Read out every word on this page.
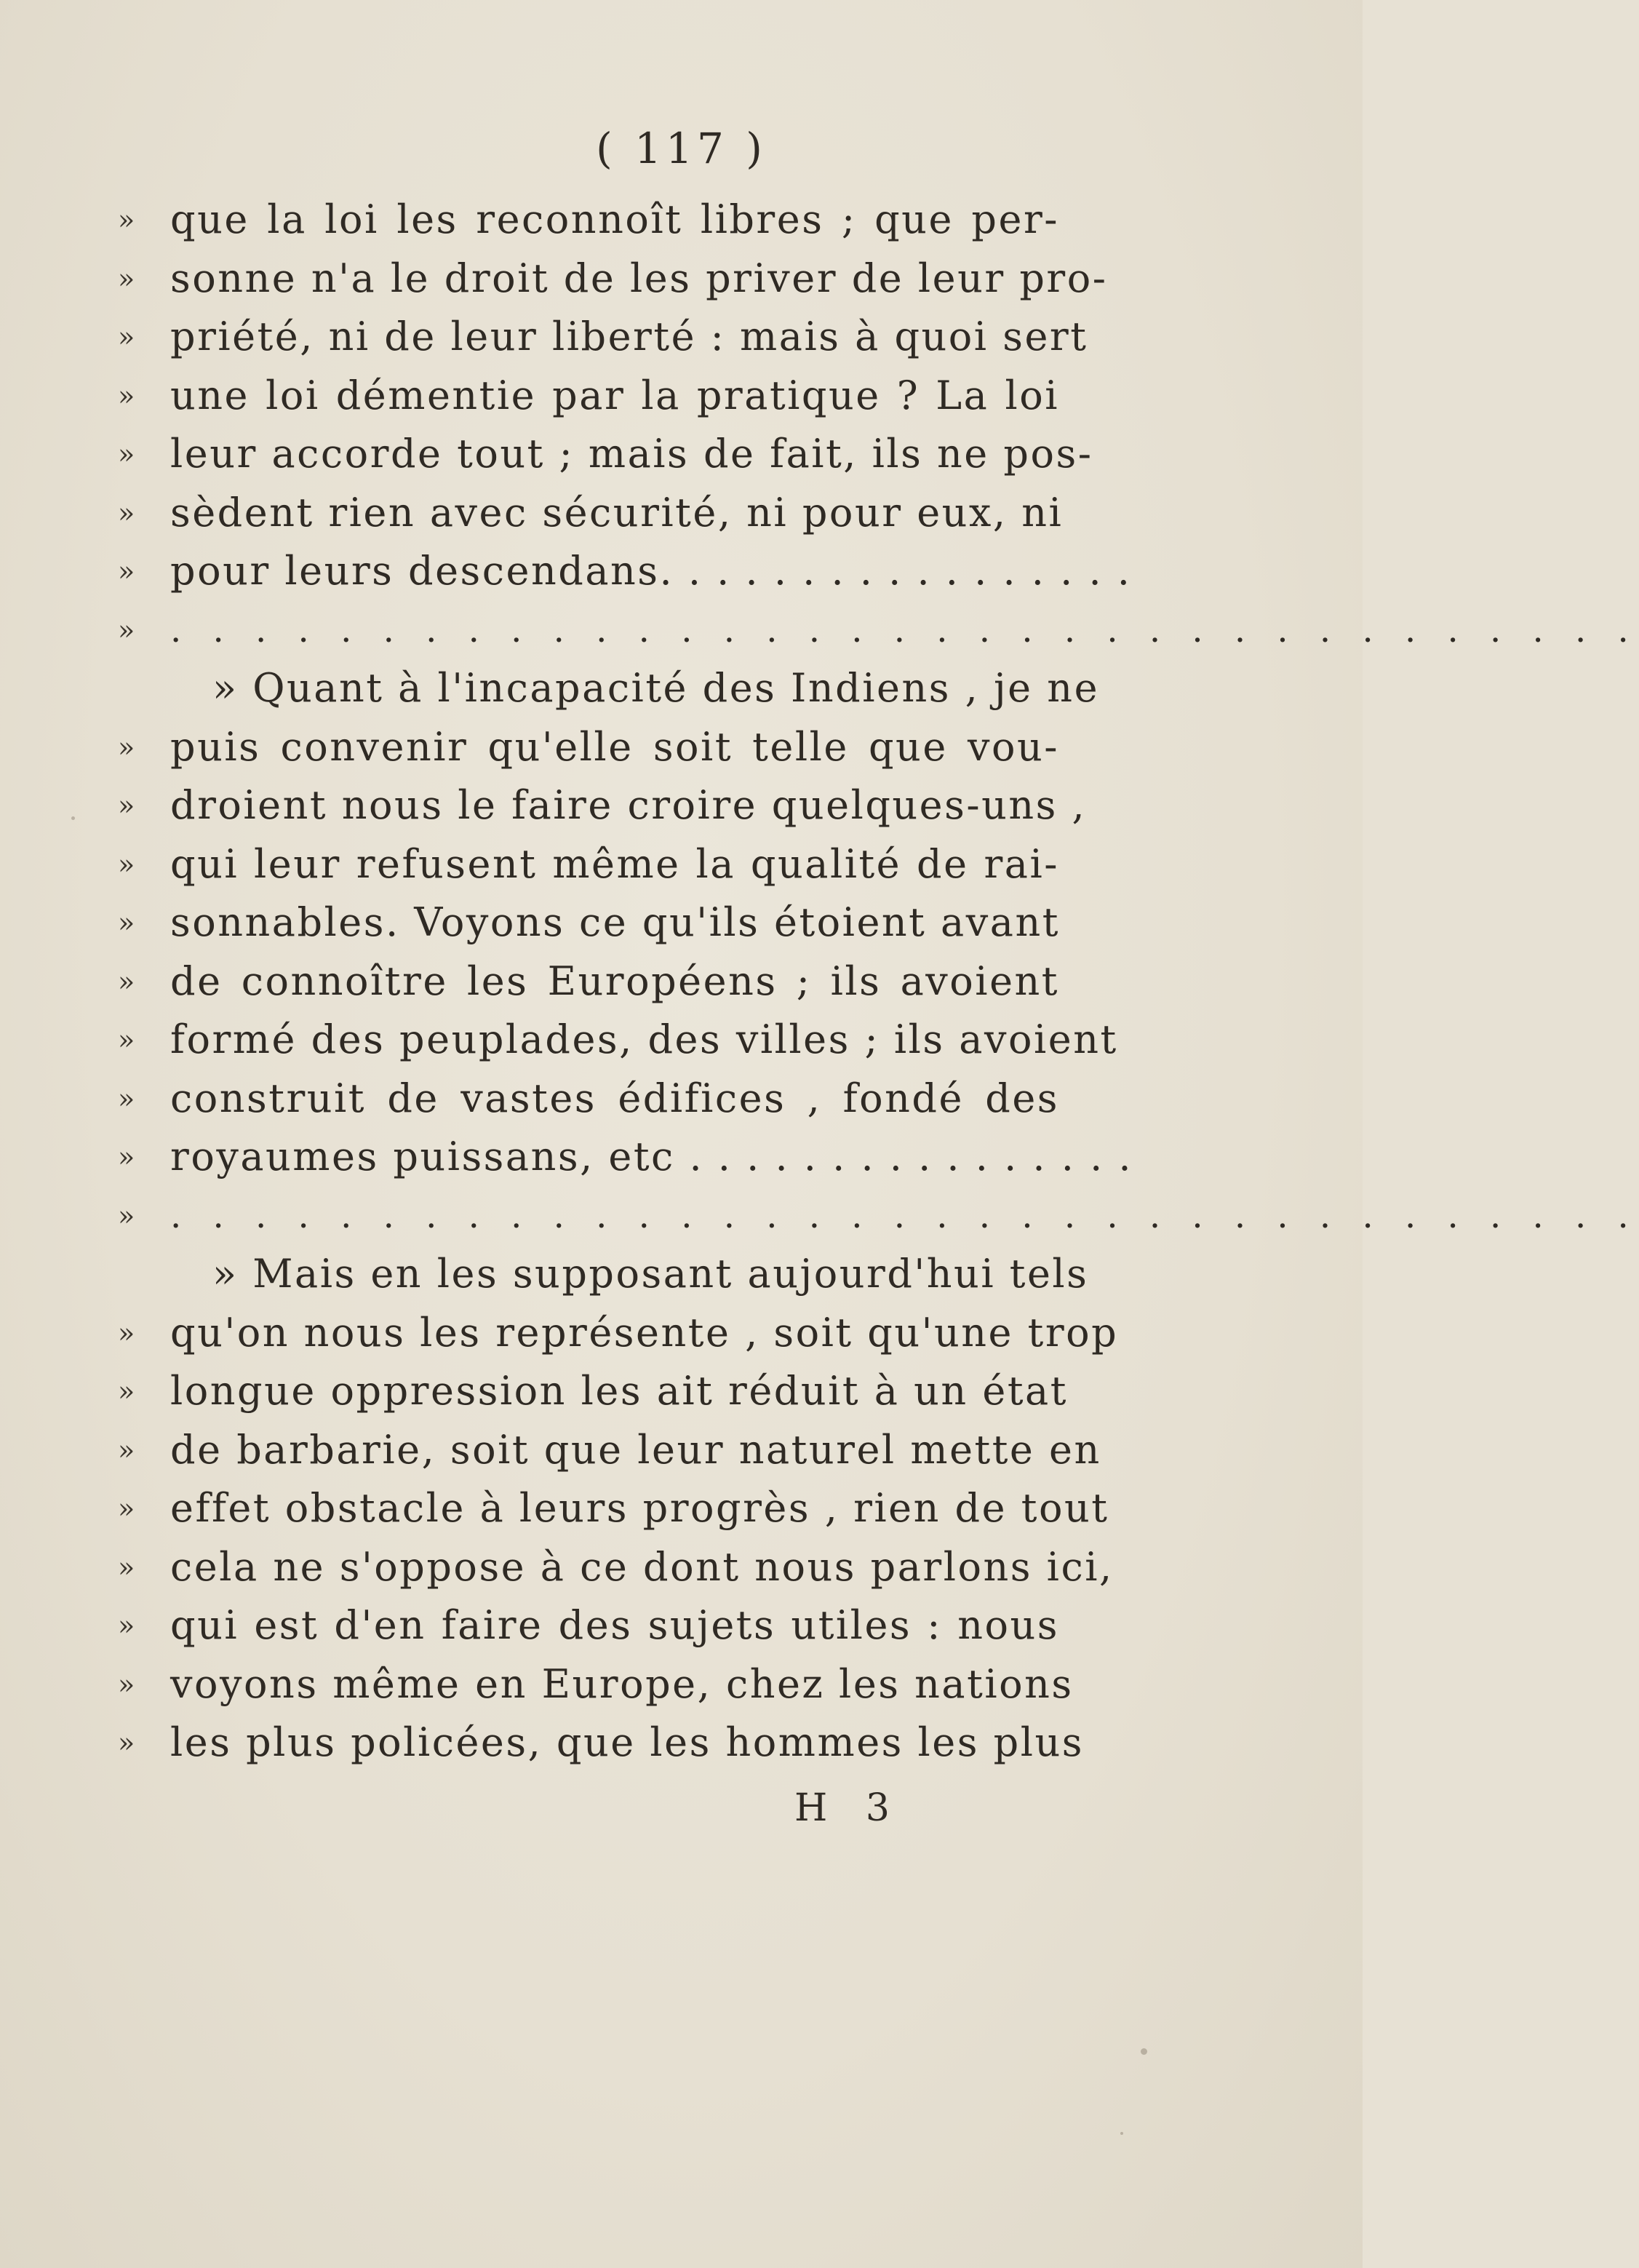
( 117 )
» que la loi les reconnoît libres ; que per-
» sonne n'a le droit de les priver de leur pro-
» priété, ni de leur liberté : mais à quoi sert
» une loi démentie par la pratique ? La loi
» leur accorde tout ; mais de fait, ils ne pos-
» sèdent rien avec sécurité, ni pour eux, ni
» pour leurs descendans. . . . . . . . . . . . . . . . .
» . . . . . . . . . . . . . . . . . . . . . . . . . . . . . . . . . . .
» Quant à l'incapacité des Indiens , je ne
» puis convenir qu'elle soit telle que vou-
» droient nous le faire croire quelques-uns ,
» qui leur refusent même la qualité de rai-
» sonnables. Voyons ce qu'ils étoient avant
» de connoître les Européens ; ils avoient
» formé des peuplades, des villes ; ils avoient
» construit de vastes édifices , fondé des
» royaumes puissans, etc . . . . . . . . . . . . . . . .
» . . . . . . . . . . . . . . . . . . . . . . . . . . . . . . . . . . .
» Mais en les supposant aujourd'hui tels
» qu'on nous les représente , soit qu'une trop
» longue oppression les ait réduit à un état
» de barbarie, soit que leur naturel mette en
» effet obstacle à leurs progrès , rien de tout
» cela ne s'oppose à ce dont nous parlons ici,
» qui est d'en faire des sujets utiles : nous
» voyons même en Europe, chez les nations
» les plus policées, que les hommes les plus
H 3
